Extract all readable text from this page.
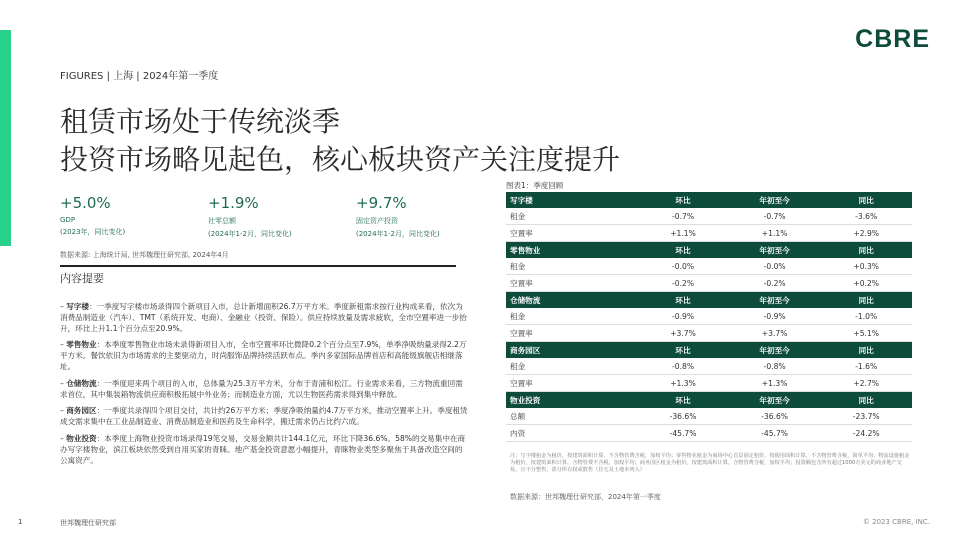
CBRE
FIGURES | 上海 | 2024年第一季度
租赁市场处于传统淡季
投资市场略见起色，核心板块资产关注度提升
+5.0%
GDP
(2023年，同比变化)
+1.9%
社零总额
(2024年1-2月，同比变化)
+9.7%
固定资产投资
(2024年1-2月，同比变化)
数据来源: 上海统计局, 世邦魏理仕研究部, 2024年4月
内容提要
– 写字楼：一季度写字楼市场录得四个新项目入市，总计新增面积26.7万平方米。季度新租需求按行业构成来看，依次为消费品制造业（汽车）、TMT（系统开发、电商）、金融业（投资、保险）。供应持续放量及需求疲软，全市空置率进一步抬升，环比上升1.1个百分点至20.9%。
– 零售物业：本季度零售物业市场未录得新项目入市，全市空置率环比微降0.2个百分点至7.9%，单季净吸纳量录得2.2万平方米。餐饮依旧为市场需求的主要驱动力，时尚服饰品牌持续活跃布点。季内多家国际品牌首店和高能级旗舰店相继落址。
– 仓储物流：一季度迎来两个项目的入市，总体量为25.3万平方米，分布于青浦和松江。行业需求来看，三方物流重回需求首位，其中集装箱物流供应商积极拓展中外业务；而制造业方面，尤以生物医药需求得到集中释放。
– 商务园区：一季度共录得四个项目交付，共计约26万平方米；季度净吸纳量约4.7万平方米，推动空置率上升。季度租赁成交需求集中在工业品制造业、消费品制造业和医药及生命科学，搬迁需求仍占比约六成。
– 物业投资：本季度上海物业投资市场录得19笔交易，交易金额共计144.1亿元，环比下降36.6%。58%的交易集中在商办写字楼物业，滨江板块依然受到自用买家的青睐。地产基金投资意愿小幅提升，青睐物业类型多聚焦于具备改造空间的公寓资产。
图表1：季度回顾
写字楼	环比	年初至今	同比
租金	-0.7%	-0.7%	-3.6%
空置率	+1.1%	+1.1%	+2.9%
零售物业	环比	年初至今	同比
租金	-0.0%	-0.0%	+0.3%
空置率	-0.2%	-0.2%	+0.2%
仓储物流	环比	年初至今	同比
租金	-0.9%	-0.9%	-1.0%
空置率	+3.7%	+3.7%	+5.1%
商务园区	环比	年初至今	同比
租金	-0.8%	-0.8%	-1.6%
空置率	+1.3%	+1.3%	+2.7%
物业投资	环比	年初至今	同比
总额	-36.6%	-36.6%	-23.7%
内资	-45.7%	-45.7%	-24.2%
注：写字楼租金为租价，按建筑面积计算，不含物管费含税，加权平均；零售物业租金为商场中心首层固定租价，按使用面积计算，不含物管费含税，简单平均；物流设施租金为租价，按建筑面积计算，含物管费不含税，加权平均；商务园区租金为租价，按建筑面积计算，含物管费含税，加权平均；投资额包含所有超过1000万美元的商业地产交易，且不分整售、部分所有权或散售（住宅及土地未列入）
数据来源：世邦魏理仕研究部，2024年第一季度
1	世邦魏理仕研究部	© 2023 CBRE, INC.
